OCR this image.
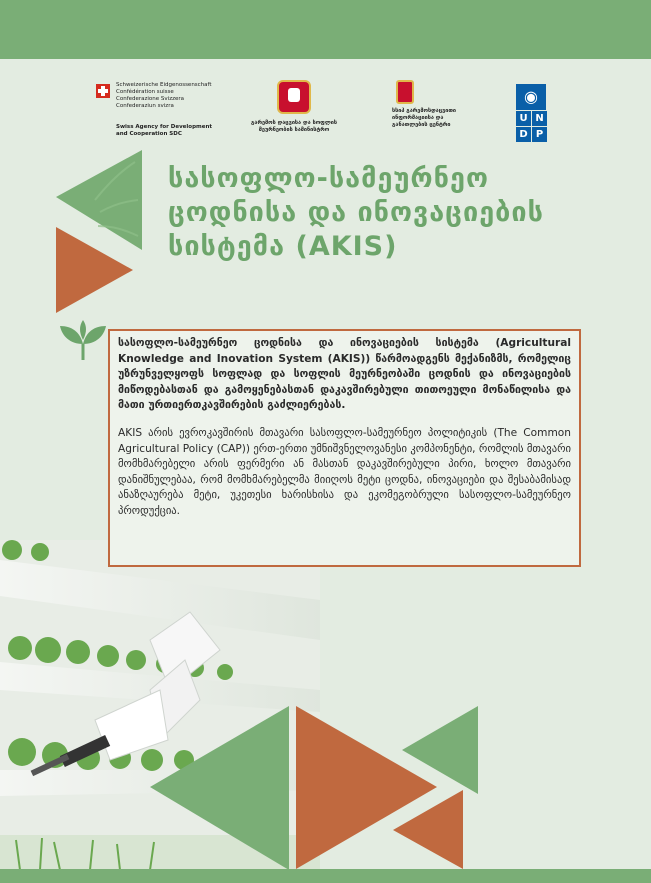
Schweizerische Eidgenossenschaft
Confédération suisse
Confederazione Svizzera
Confederaziun svizra
Swiss Agency for Development
and Cooperation SDC
გარემოს დაცვისა და სოფლის
მეურნეობის სამინისტრო
სსიპ გარემოსდაცვითი
ინფორმაციისა და
განათლების ცენტრი
◉
U N
D P
სასოფლო-სამეურნეო ცოდნისა და ინოვაციების სისტემა (AKIS)

სასოფლო-სამეურნეო ცოდნისა და ინოვაციების სისტემა (Agricultural Knowledge and Inovation System (AKIS)) წარმოადგენს მექანიზმს, რომელიც უზრუნველყოფს სოფლად და სოფლის მეურნეობაში ცოდნის და ინოვაციების მიწოდებასთან და გამოყენებასთან დაკავშირებული თითოეული მონაწილისა და მათი ურთიერთკავშირების გაძლიერებას.

AKIS არის ევროკავშირის მთავარი სასოფლო-სამეურნეო პოლიტიკის (The Common Agricultural Policy (CAP)) ერთ-ერთი უმნიშვნელოვანესი კომპონენტი, რომლის მთავარი მომხმარებელი არის ფერმერი ან მასთან დაკავშირებული პირი, ხოლო მთავარი დანიშნულებაა, რომ მომხმარებელმა მიიღოს მეტი ცოდნა, ინოვაციები და შესაბამისად ანაზღაურება მეტი, უკეთესი ხარისხისა და ეკომეგობრული სასოფლო-სამეურნეო პროდუქცია.
